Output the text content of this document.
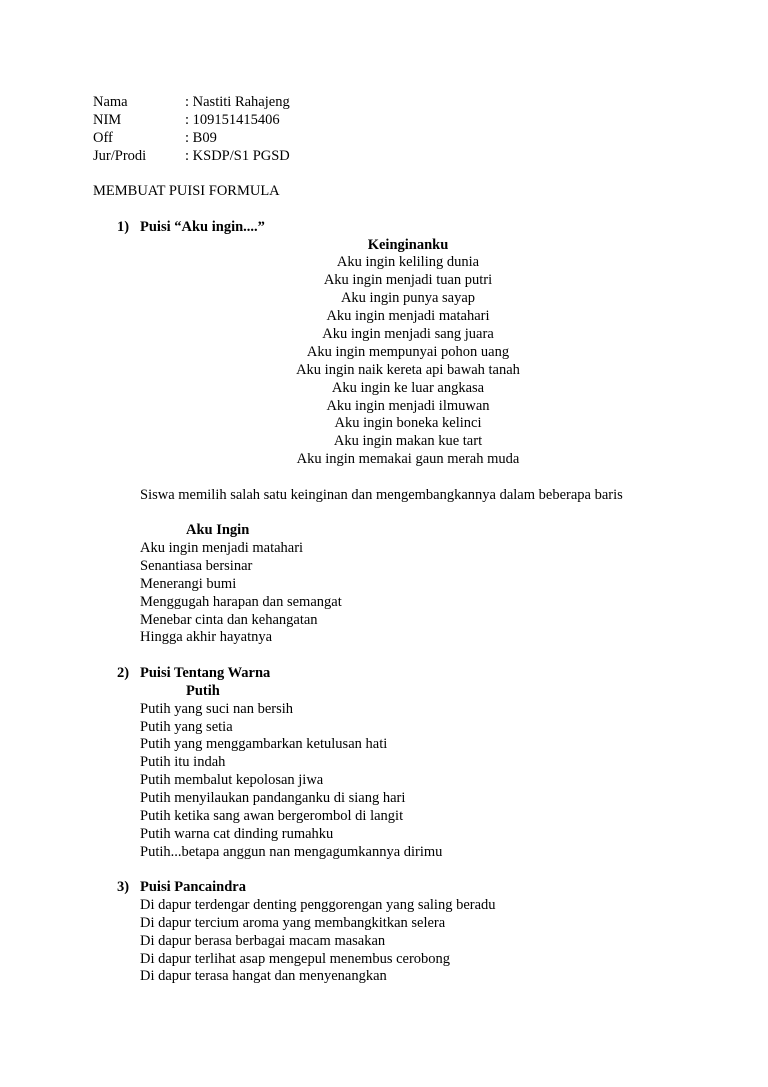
Nama	: Nastiti Rahajeng
NIM	: 109151415406
Off	: B09
Jur/Prodi	: KSDP/S1 PGSD
MEMBUAT PUISI FORMULA
1) Puisi “Aku ingin....”
Keinginanku
Aku ingin keliling dunia
Aku ingin menjadi tuan putri
Aku ingin punya sayap
Aku ingin menjadi matahari
Aku ingin menjadi sang juara
Aku ingin mempunyai pohon uang
Aku ingin naik kereta api bawah tanah
Aku ingin ke luar angkasa
Aku ingin menjadi ilmuwan
Aku ingin boneka kelinci
Aku ingin makan kue tart
Aku ingin memakai gaun merah muda
Siswa memilih salah satu keinginan dan mengembangkannya dalam beberapa baris
Aku Ingin
Aku ingin menjadi matahari
Senantiasa bersinar
Menerangi bumi
Menggugah harapan dan semangat
Menebar cinta dan kehangatan
Hingga akhir hayatnya
2) Puisi Tentang Warna
Putih
Putih yang suci nan bersih
Putih yang setia
Putih yang menggambarkan ketulusan hati
Putih itu indah
Putih membalut kepolosan jiwa
Putih menyilaukan pandanganku di siang hari
Putih ketika sang awan bergerombol di langit
Putih warna cat dinding rumahku
Putih...betapa anggun nan mengagumkannya dirimu
3) Puisi Pancaindra
Di dapur terdengar denting penggorengan yang saling beradu
Di dapur tercium aroma yang membangkitkan selera
Di dapur berasa berbagai macam masakan
Di dapur terlihat asap mengepul menembus cerobong
Di dapur terasa hangat dan menyenangkan
